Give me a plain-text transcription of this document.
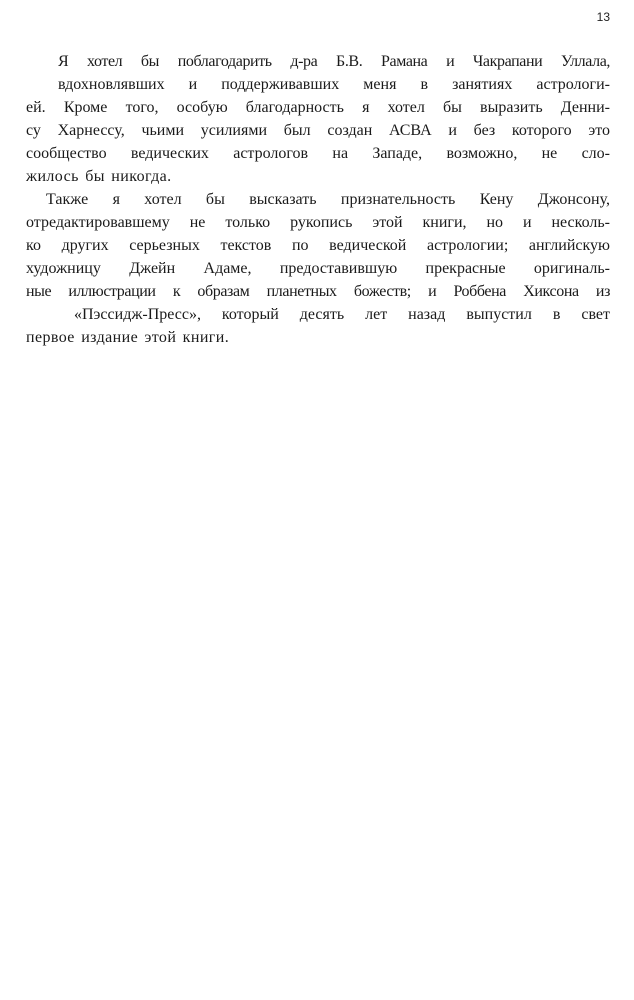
13
Я хотел бы поблагодарить д-ра Б.В. Рамана и Чакрапани Уллала,
вдохновлявших и поддерживавших меня в занятиях астрологи-
ей. Кроме того, особую благодарность я хотел бы выразить Денни-
су Харнессу, чьими усилиями был создан АСВА и без которого это
сообщество ведических астрологов на Западе, возможно, не сло-
жилось бы никогда.
Также я хотел бы высказать признательность Кену Джонсону,
отредактировавшему не только рукопись этой книги, но и несколь-
ко других серьезных текстов по ведической астрологии; английскую
художницу Джейн Адаме, предоставившую прекрасные оригиналь-
ные иллюстрации к образам планетных божеств; и Роббена Хиксона из
«Пэссидж-Пресс», который десять лет назад выпустил в свет
первое издание этой книги.
